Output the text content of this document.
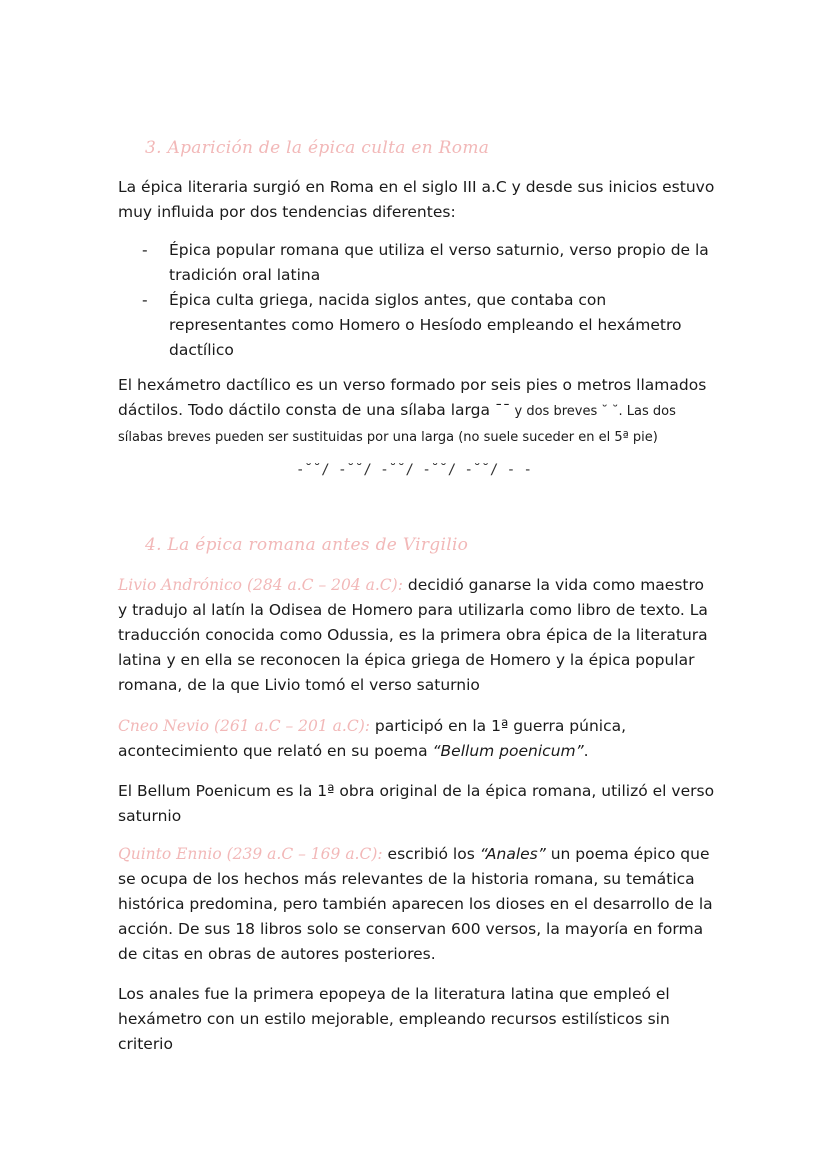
3. Aparición de la épica culta en Roma
La épica literaria surgió en Roma en el siglo III a.C y desde sus inicios estuvo muy influida por dos tendencias diferentes:
- Épica popular romana que utiliza el verso saturnio, verso propio de la tradición oral latina
- Épica culta griega, nacida siglos antes, que contaba con representantes como Homero o Hesíodo empleando el hexámetro dactílico
El hexámetro dactílico es un verso formado por seis pies o metros llamados dáctilos. Todo dáctilo consta de una sílaba larga ¯¯ y dos breves ˘ ˘. Las dos sílabas breves pueden ser sustituidas por una larga (no suele suceder en el 5ª pie)
-˘˘/ -˘˘/ -˘˘/ -˘˘/ -˘˘/ - -
4. La épica romana antes de Virgilio
Livio Andrónico (284 a.C – 204 a.C): decidió ganarse la vida como maestro y tradujo al latín la Odisea de Homero para utilizarla como libro de texto. La traducción conocida como Odussia, es la primera obra épica de la literatura latina y en ella se reconocen la épica griega de Homero y la épica popular romana, de la que Livio tomó el verso saturnio
Cneo Nevio (261 a.C – 201 a.C): participó en la 1ª guerra púnica, acontecimiento que relató en su poema “Bellum poenicum”.
El Bellum Poenicum es la 1ª obra original de la épica romana, utilizó el verso saturnio
Quinto Ennio (239 a.C – 169 a.C): escribió los “Anales” un poema épico que se ocupa de los hechos más relevantes de la historia romana, su temática histórica predomina, pero también aparecen los dioses en el desarrollo de la acción. De sus 18 libros solo se conservan 600 versos, la mayoría en forma de citas en obras de autores posteriores.
Los anales fue la primera epopeya de la literatura latina que empleó el hexámetro con un estilo mejorable, empleando recursos estilísticos sin criterio
